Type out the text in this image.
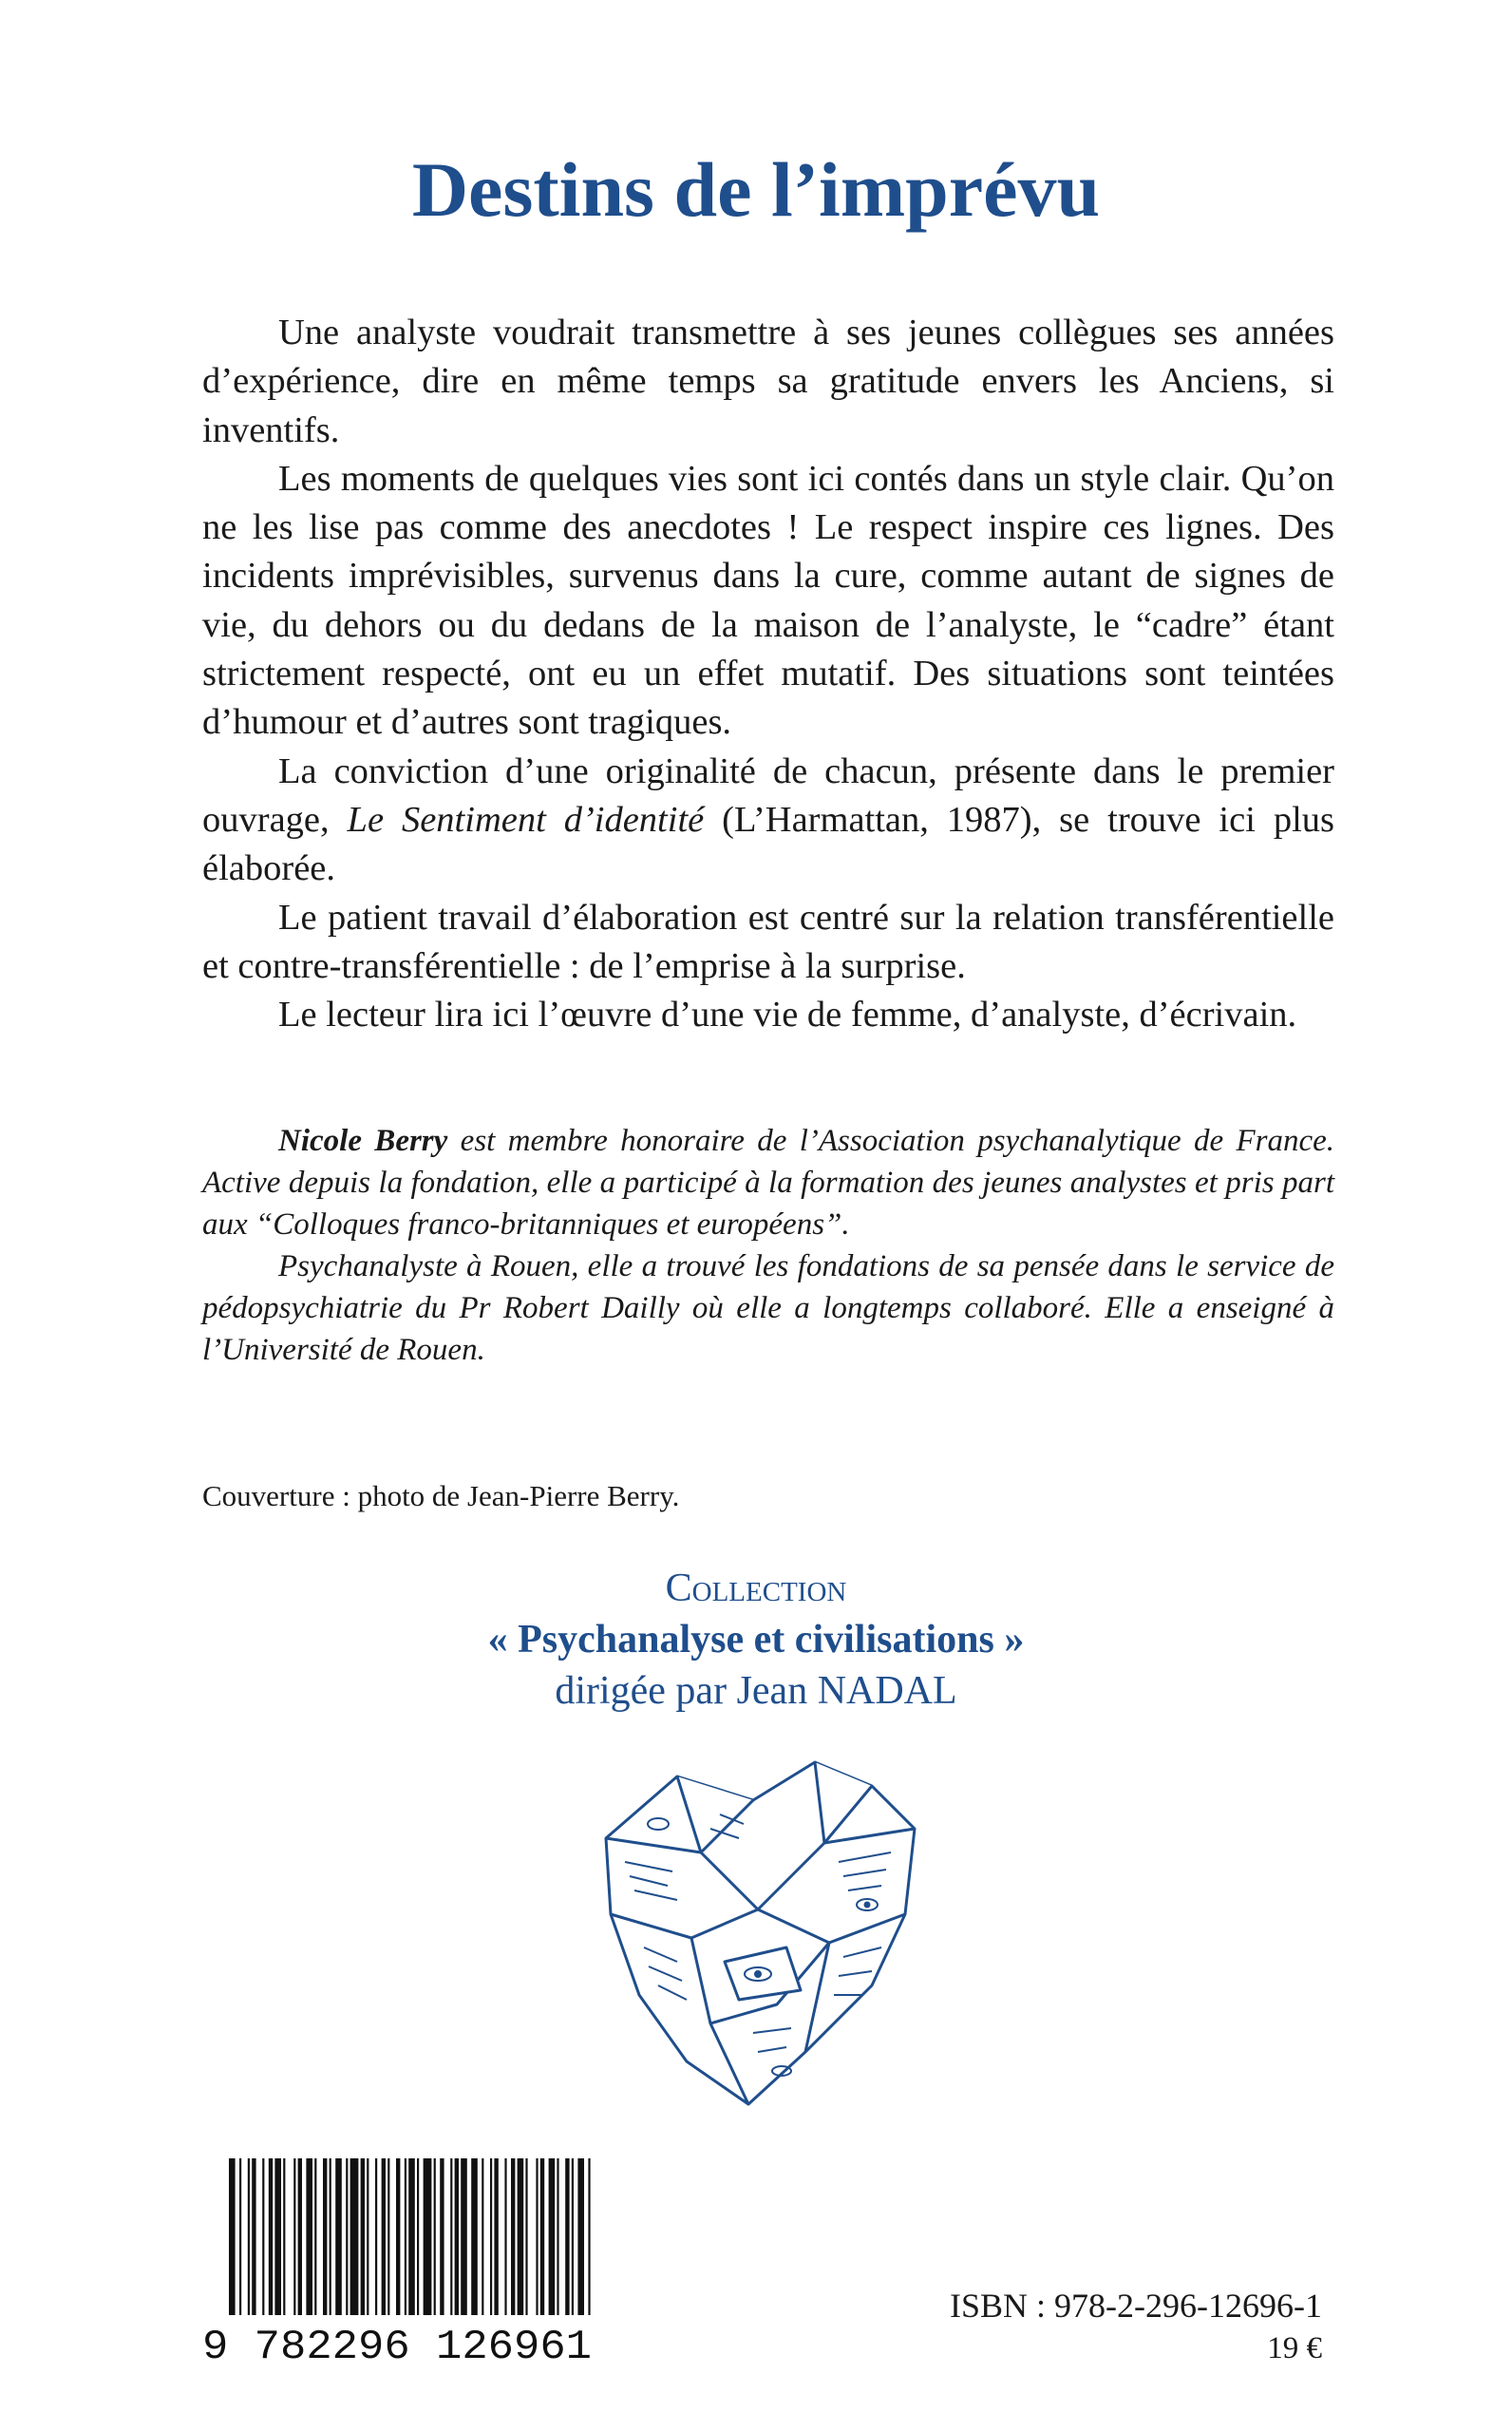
Destins de l’imprévu

Une analyste voudrait transmettre à ses jeunes collègues ses années d’expérience, dire en même temps sa gratitude envers les Anciens, si inventifs.

Les moments de quelques vies sont ici contés dans un style clair. Qu’on ne les lise pas comme des anecdotes ! Le respect inspire ces lignes. Des incidents imprévisibles, survenus dans la cure, comme autant de signes de vie, du dehors ou du dedans de la maison de l’analyste, le “cadre” étant strictement respecté, ont eu un effet mutatif. Des situations sont teintées d’humour et d’autres sont tragiques.

La conviction d’une originalité de chacun, présente dans le premier ouvrage, Le Sentiment d’identité (L’Harmattan, 1987), se trouve ici plus élaborée.

Le patient travail d’élaboration est centré sur la relation transférentielle et contre-transférentielle : de l’emprise à la surprise.

Le lecteur lira ici l’œuvre d’une vie de femme, d’analyste, d’écrivain.

Nicole Berry est membre honoraire de l’Association psychanalytique de France. Active depuis la fondation, elle a participé à la formation des jeunes analystes et pris part aux “Colloques franco-britanniques et européens”.

Psychanalyste à Rouen, elle a trouvé les fondations de sa pensée dans le service de pédopsychiatrie du Pr Robert Dailly où elle a longtemps collaboré. Elle a enseigné à l’Université de Rouen.

Couverture : photo de Jean-Pierre Berry.
Collection
« Psychanalyse et civilisations »
dirigée par Jean NADAL
9 782296 126961
ISBN : 978-2-296-12696-1
19 €
